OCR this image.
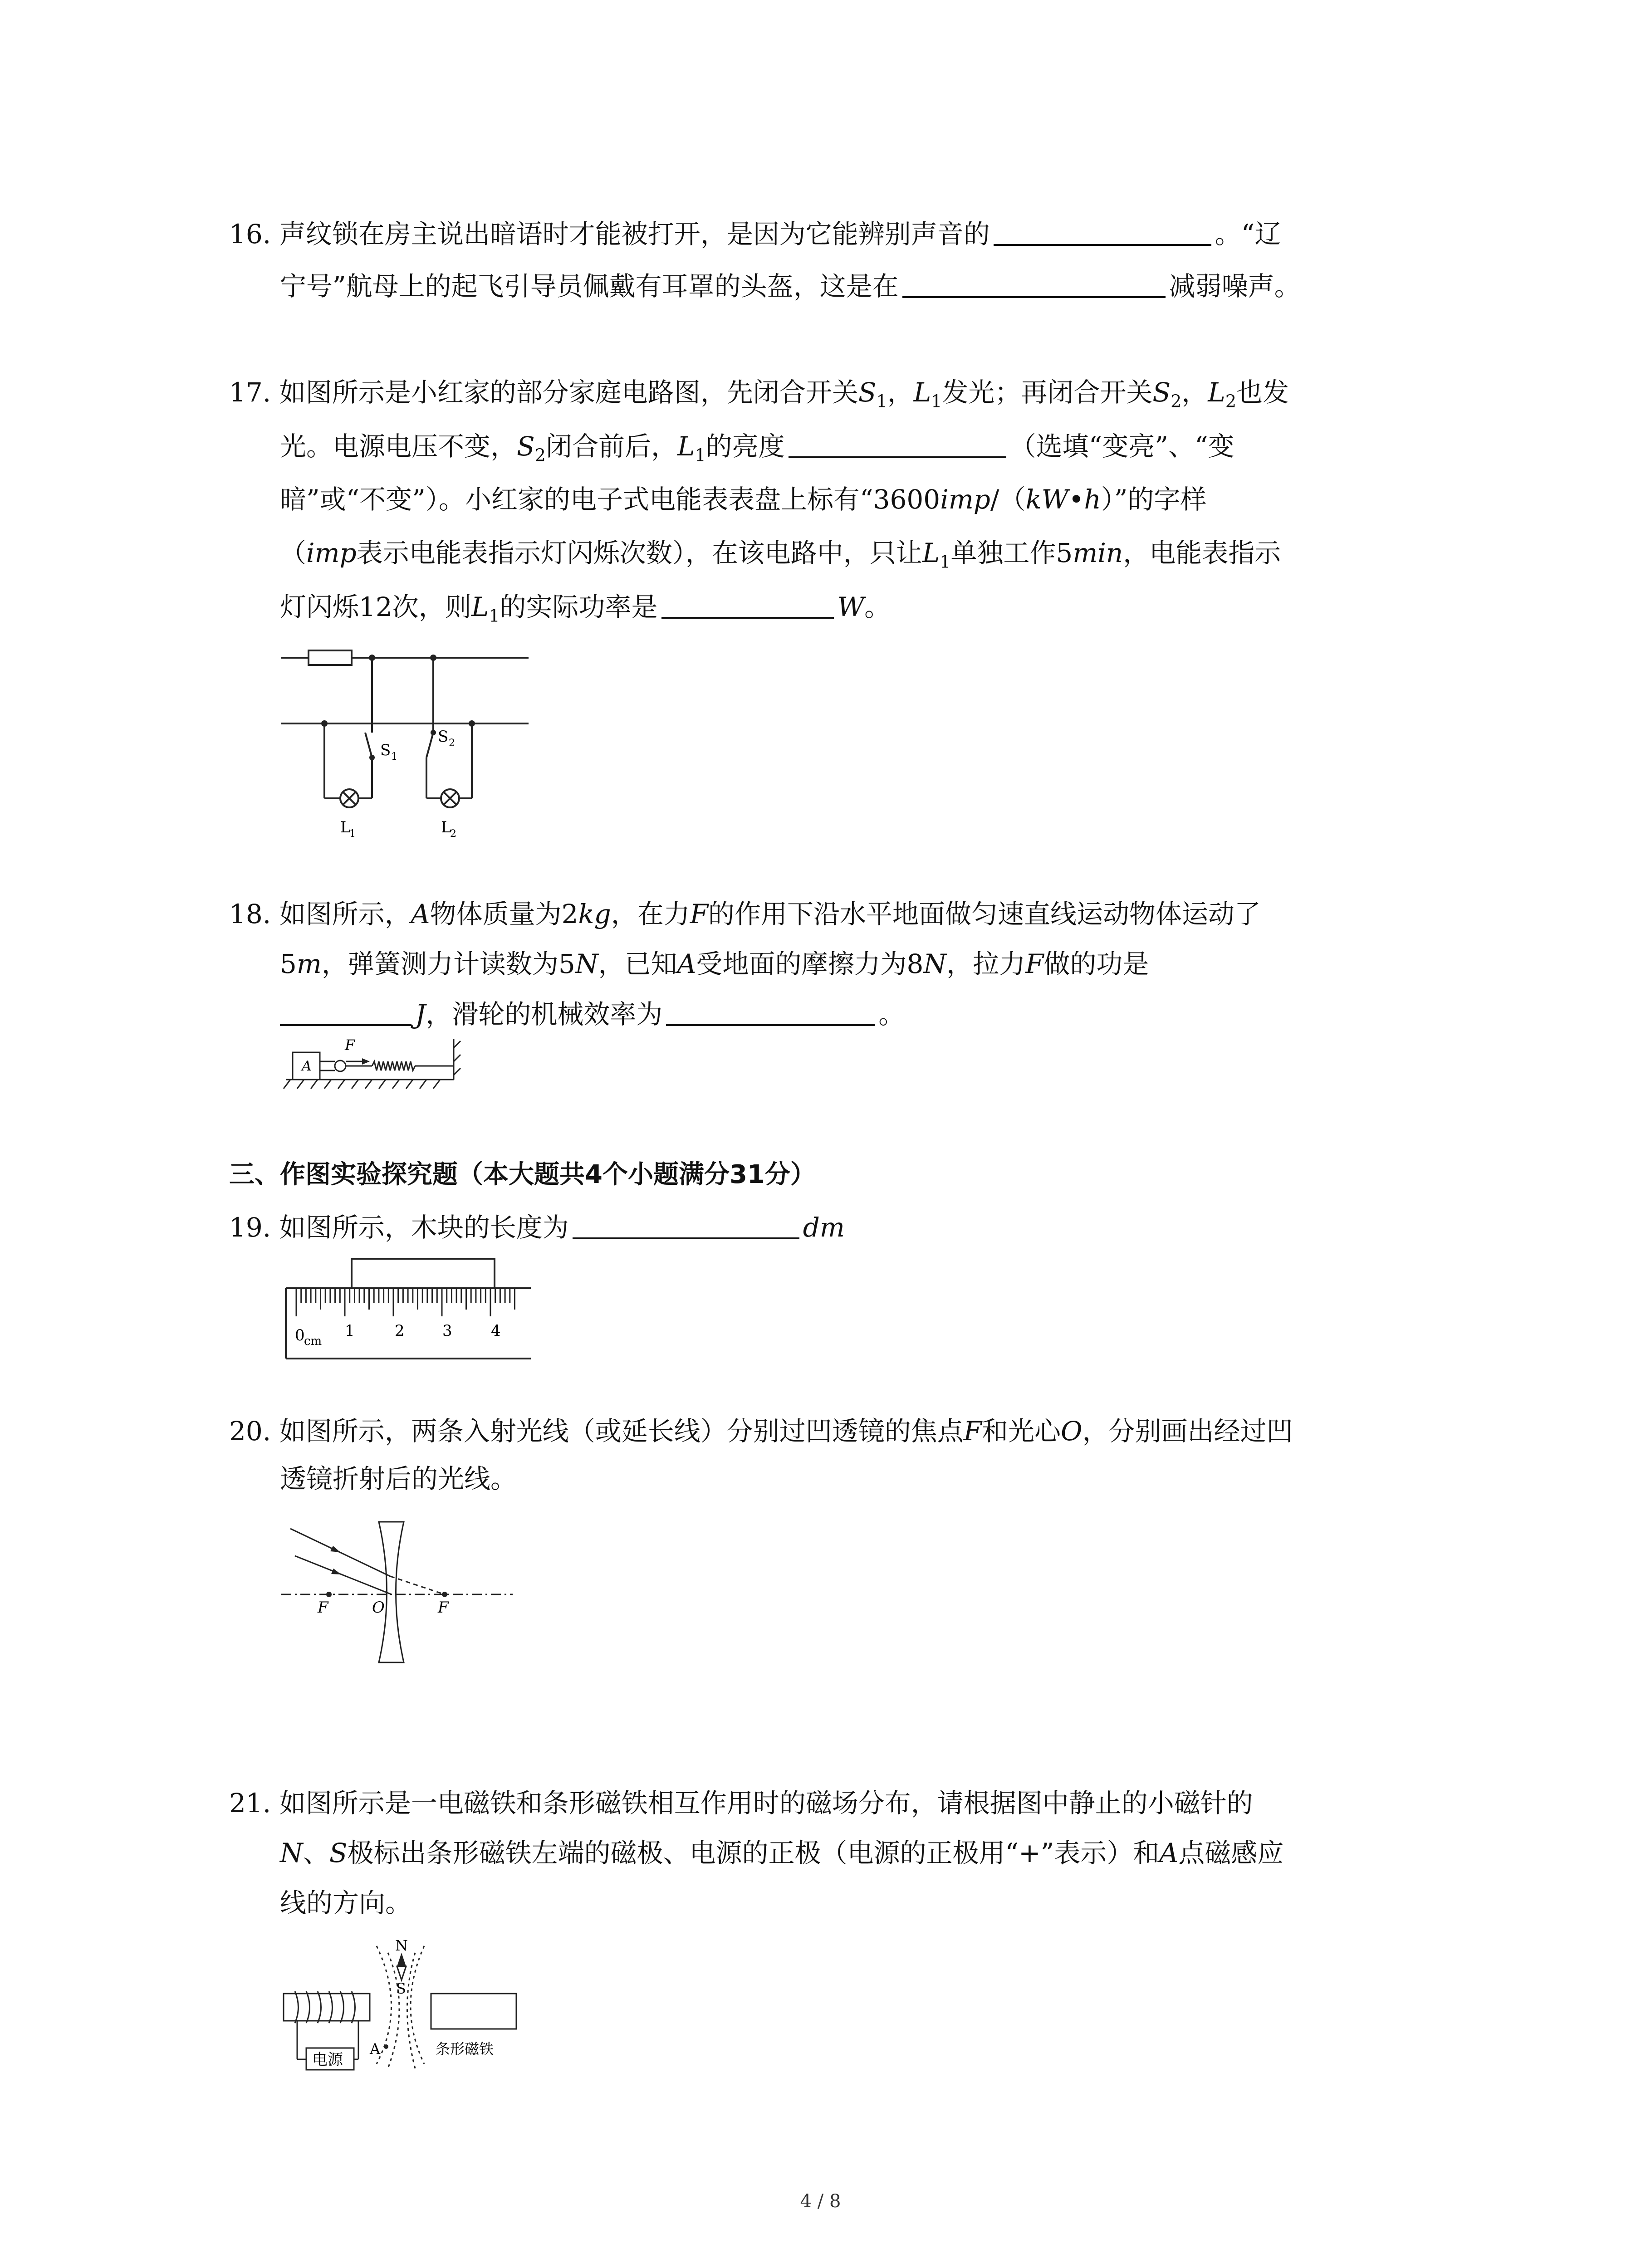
16. 声纹锁在房主说出暗语时才能被打开，是因为它能辨别声音的	。“辽
宁号”航母上的起飞引导员佩戴有耳罩的头盔，这是在	减弱噪声。
17. 如图所示是小红家的部分家庭电路图，先闭合开关$S_1$，$L_1$发光；再闭合开关$S_2$，$L_2$也发
光。电源电压不变，$S_2$闭合前后，$L_1$的亮度	（选填“变亮”、“变
暗”或“不变”）。小红家的电子式电能表表盘上标有“3600imp/（kW•h）”的字样
（imp表示电能表指示灯闪烁次数），在该电路中，只让$L_1$单独工作5min，电能表指示
灯闪烁12次，则$L_1$的实际功率是	W。
S 1
S 2
L
1	L
2
18. 如图所示，A物体质量为2kg，在力F的作用下沿水平地面做匀速直线运动物体运动了
5m，弹簧测力计读数为5N，已知A受地面的摩擦力为8N，拉力F做的功是
J，滑轮的机械效率为	。
A
F
三、作图实验探究题（本大题共4个小题满分31分）
19. 如图所示，木块的长度为	dm
0
cm
1	2 3	4
20. 如图所示，两条入射光线（或延长线）分别过凹透镜的焦点F和光心O，分别画出经过凹
透镜折射后的光线。
F	O	F
21. 如图所示是一电磁铁和条形磁铁相互作用时的磁场分布，请根据图中静止的小磁针的
N、S极标出条形磁铁左端的磁极、电源的正极（电源的正极用“+”表示）和A点磁感应
线的方向。
N
S
A
电源
条形磁铁
4 / 8
